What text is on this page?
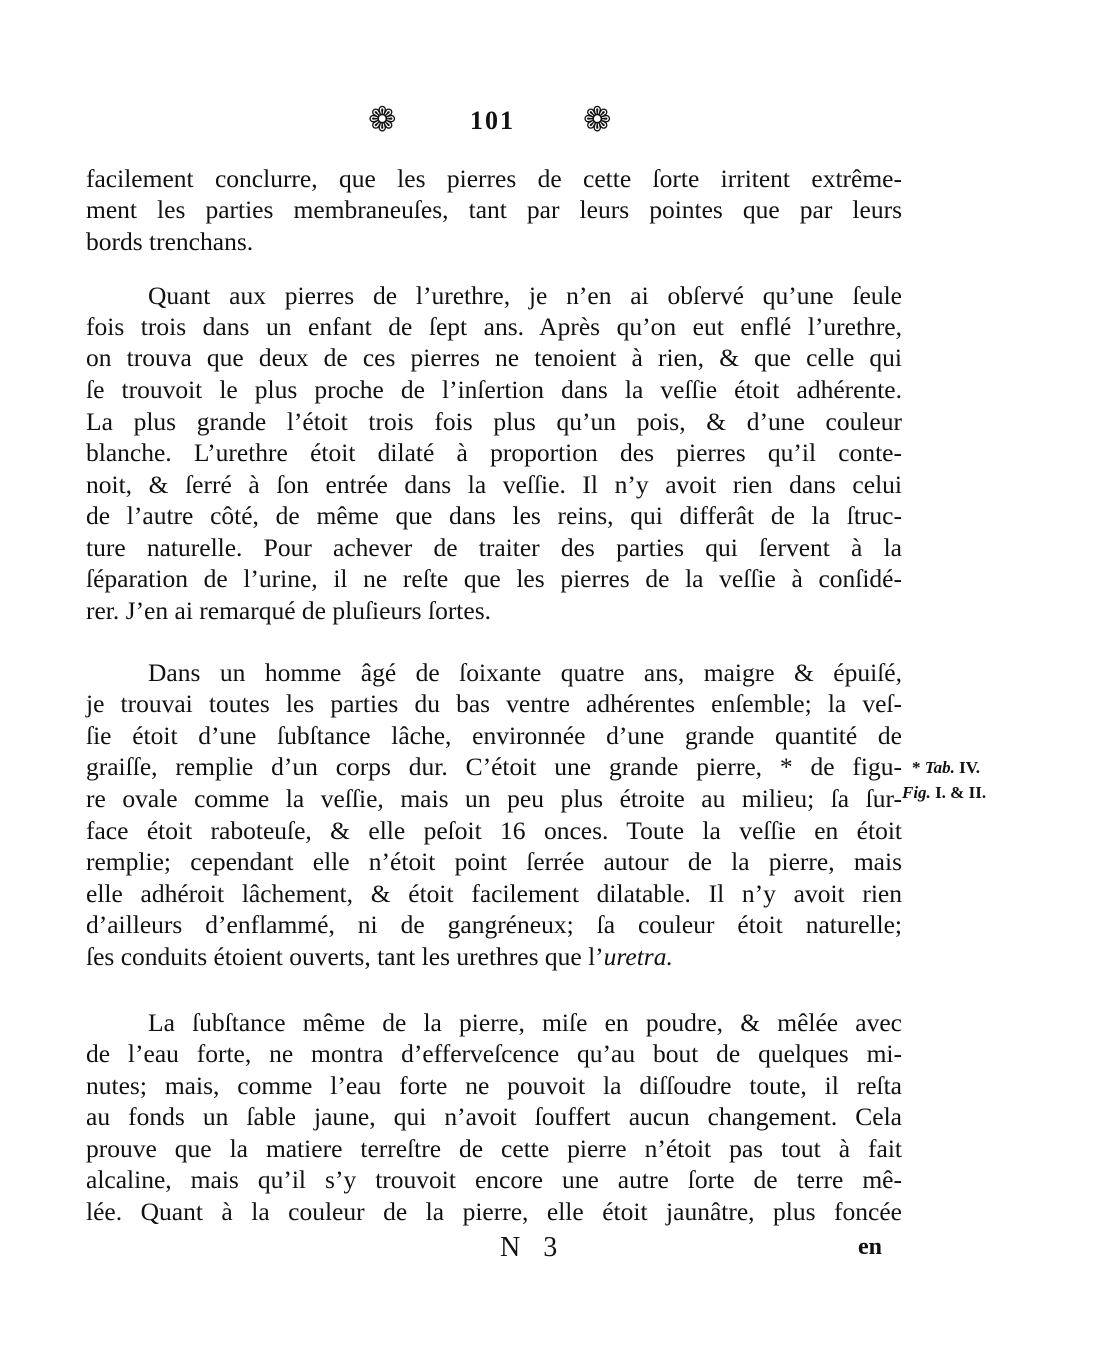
❁	101 ❁
facilement conclurre, que les pierres de cette ſorte irritent extrême-
ment les parties membraneuſes, tant par leurs pointes que par leurs
bords trenchans.
Quant aux pierres de l’urethre, je n’en ai obſervé qu’une ſeule
fois trois dans un enfant de ſept ans. Après qu’on eut enflé l’urethre,
on trouva que deux de ces pierres ne tenoient à rien, & que celle qui
ſe trouvoit le plus proche de l’inſertion dans la veſſie étoit adhérente.
La plus grande l’étoit trois fois plus qu’un pois, & d’une couleur
blanche. L’urethre étoit dilaté à proportion des pierres qu’il conte-
noit, & ſerré à ſon entrée dans la veſſie. Il n’y avoit rien dans celui
de l’autre côté, de même que dans les reins, qui differât de la ſtruc-
ture naturelle. Pour achever de traiter des parties qui ſervent à la
ſéparation de l’urine, il ne reſte que les pierres de la veſſie à conſidé-
rer. J’en ai remarqué de pluſieurs ſortes.
Dans un homme âgé de ſoixante quatre ans, maigre & épuiſé,
je trouvai toutes les parties du bas ventre adhérentes enſemble; la veſ-
ſie étoit d’une ſubſtance lâche, environnée d’une grande quantité de
graiſſe, remplie d’un corps dur. C’étoit une grande pierre, * de figu-
re ovale comme la veſſie, mais un peu plus étroite au milieu; ſa ſur-
face étoit raboteuſe, & elle peſoit 16 onces. Toute la veſſie en étoit
remplie; cependant elle n’étoit point ſerrée autour de la pierre, mais
elle adhéroit lâchement, & étoit facilement dilatable. Il n’y avoit rien
d’ailleurs d’enflammé, ni de gangréneux; ſa couleur étoit naturelle;
ſes conduits étoient ouverts, tant les urethres que l’uretra.
La ſubſtance même de la pierre, miſe en poudre, & mêlée avec
de l’eau forte, ne montra d’effervеſcence qu’au bout de quelques mi-
nutes; mais, comme l’eau forte ne pouvoit la diſſoudre toute, il reſta
au fonds un ſable jaune, qui n’avoit ſouffert aucun changement. Cela
prouve que la matiere terreſtre de cette pierre n’étoit pas tout à fait
alcaline, mais qu’il s’y trouvoit encore une autre ſorte de terre mê-
lée. Quant à la couleur de la pierre, elle étoit jaunâtre, plus foncée
* Tab. IV.
Fig. I. & II.
N 3	en
